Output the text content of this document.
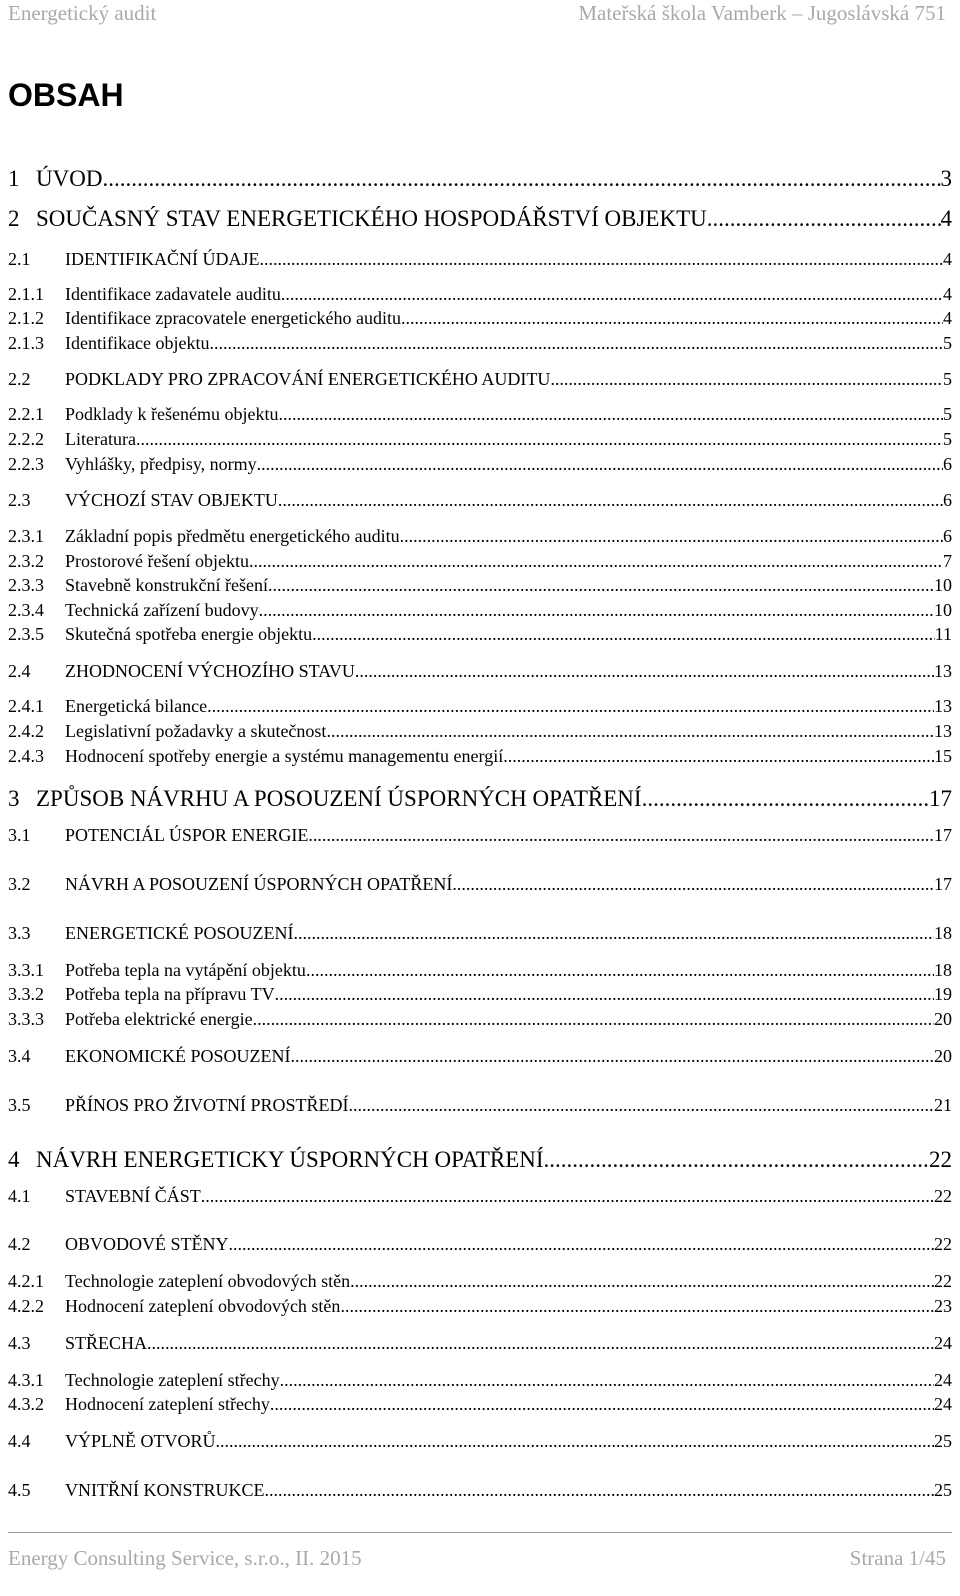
Energetický audit	Mateřská škola Vamberk – Jugoslávská 751
OBSAH
1 ÚVOD .....	3
2 SOUČASNÝ STAV ENERGETICKÉHO HOSPODÁŘSTVÍ OBJEKTU .....	4
2.1	IDENTIFIKAČNÍ ÚDAJE .....	4
2.1.1	Identifikace zadavatele auditu .....	4
2.1.2	Identifikace zpracovatele energetického auditu .....	4
2.1.3	Identifikace objektu .....	5
2.2	PODKLADY PRO ZPRACOVÁNÍ ENERGETICKÉHO AUDITU .....	5
2.2.1	Podklady k řešenému objektu .....	5
2.2.2	Literatura .....	5
2.2.3	Vyhlášky, předpisy, normy .....	6
2.3	VÝCHOZÍ STAV OBJEKTU .....	6
2.3.1	Základní popis předmětu energetického auditu .....	6
2.3.2	Prostorové řešení objektu .....	7
2.3.3	Stavebně konstrukční řešení .....	10
2.3.4	Technická zařízení budovy .....	10
2.3.5	Skutečná spotřeba energie objektu .....	11
2.4	ZHODNOCENÍ VÝCHOZÍHO STAVU .....	13
2.4.1	Energetická bilance .....	13
2.4.2	Legislativní požadavky a skutečnost .....	13
2.4.3	Hodnocení spotřeby energie a systému managementu energií .....	15
3 ZPŮSOB NÁVRHU A POSOUZENÍ ÚSPORNÝCH OPATŘENÍ .....	17
3.1	POTENCIÁL ÚSPOR ENERGIE .....	17
3.2	NÁVRH A POSOUZENÍ ÚSPORNÝCH OPATŘENÍ .....	17
3.3	ENERGETICKÉ POSOUZENÍ .....	18
3.3.1	Potřeba tepla na vytápění objektu .....	18
3.3.2	Potřeba tepla na přípravu TV .....	19
3.3.3	Potřeba elektrické energie .....	20
3.4	EKONOMICKÉ POSOUZENÍ .....	20
3.5	PŘÍNOS PRO ŽIVOTNÍ PROSTŘEDÍ .....	21
4 NÁVRH ENERGETICKY ÚSPORNÝCH OPATŘENÍ .....	22
4.1	STAVEBNÍ ČÁST .....	22
4.2	OBVODOVÉ STĚNY .....	22
4.2.1	Technologie zateplení obvodových stěn .....	22
4.2.2	Hodnocení zateplení obvodových stěn .....	23
4.3	STŘECHA .....	24
4.3.1	Technologie zateplení střechy .....	24
4.3.2	Hodnocení zateplení střechy .....	24
4.4	VÝPLNĚ OTVORŮ .....	25
4.5	VNITŘNÍ KONSTRUKCE .....	25
Energy Consulting Service, s.r.o., II. 2015	Strana 1/45
